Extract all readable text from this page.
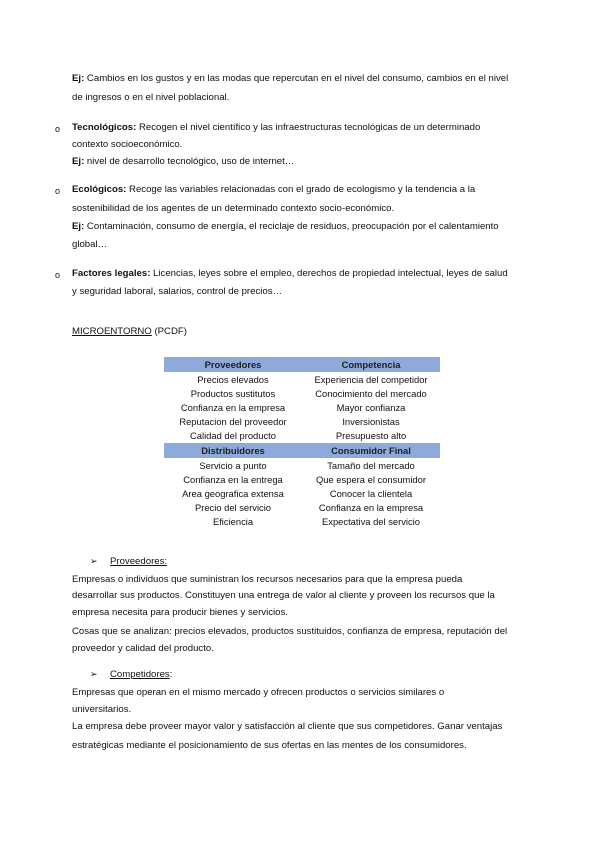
Ej: Cambios en los gustos y en las modas que repercutan en el nivel del consumo, cambios en el nivel
de ingresos o en el nivel poblacional.
o Tecnológicos: Recogen el nivel científico y las infraestructuras tecnológicas de un determinado
contexto socioeconómico.
Ej: nivel de desarrollo tecnológico, uso de internet…
o Ecológicos: Recoge las variables relacionadas con el grado de ecologismo y la tendencia a la
sostenibilidad de los agentes de un determinado contexto socio-económico.
Ej: Contaminación, consumo de energía, el reciclaje de residuos, preocupación por el calentamiento
global…
o Factores legales: Licencias, leyes sobre el empleo, derechos de propiedad intelectual, leyes de salud
y seguridad laboral, salarios, control de precios…
MICROENTORNO (PCDF)
Proveedores	Competencia
Precios elevados	Experiencia del competidor
Productos sustitutos	Conocimiento del mercado
Confianza en la empresa	Mayor confianza
Reputacion del proveedor	Inversionistas
Calidad del producto	Presupuesto alto
Distribuidores	Consumidor Final
Servicio a punto	Tamaño del mercado
Confianza en la entrega	Que espera el consumidor
Area geografica extensa	Conocer la clientela
Precio del servicio	Confianza en la empresa
Eficiencia	Expectativa del servicio
➢ Proveedores:
Empresas o individuos que suministran los recursos necesarios para que la empresa pueda
desarrollar sus productos. Constituyen una entrega de valor al cliente y proveen los recursos que la
empresa necesita para producir bienes y servicios.
Cosas que se analizan: precios elevados, productos sustituidos, confianza de empresa, reputación del
proveedor y calidad del producto.
➢ Competidores:
Empresas que operan en el mismo mercado y ofrecen productos o servicios similares o
universitarios.
La empresa debe proveer mayor valor y satisfacción al cliente que sus competidores. Ganar ventajas
estratégicas mediante el posicionamiento de sus ofertas en las mentes de los consumidores.
